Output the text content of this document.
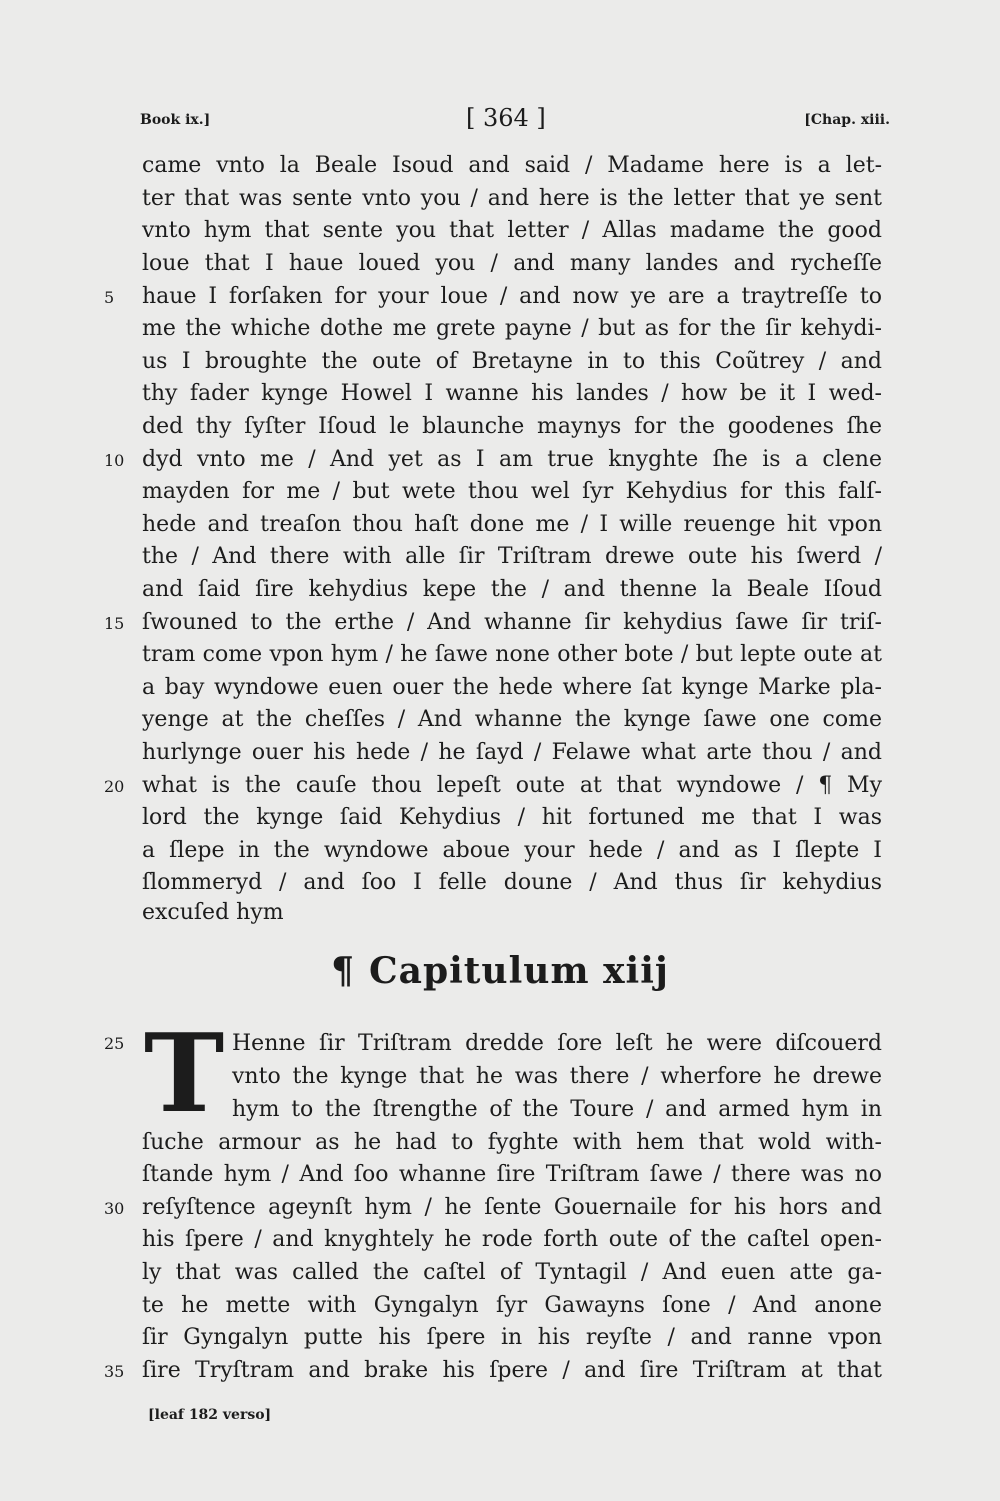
Book ix.]	[ 364 ]	[Chap. xiii.
came vnto la Beale Isoud and said / Madame here is a let-
ter that was sente vnto you / and here is the letter that ye sent
vnto hym that sente you that letter / Allas madame the good
loue that I haue loued you / and many landes and rycheſſe
haue I forſaken for your loue / and now ye are a traytreſſe to
me the whiche dothe me grete payne / but as for the ſir kehydi-
us I broughte the oute of Bretayne in to this Coũtrey / and
thy fader kynge Howel I wanne his landes / how be it I wed-
ded thy ſyſter Iſoud le blaunche maynys for the goodenes ſhe
dyd vnto me / And yet as I am true knyghte ſhe is a clene
mayden for me / but wete thou wel ſyr Kehydius for this falſ-
hede and treaſon thou haſt done me / I wille reuenge hit vpon
the / And there with alle ſir Triſtram drewe oute his ſwerd /
and ſaid ſire kehydius kepe the / and thenne la Beale Iſoud
ſwouned to the erthe / And whanne ſir kehydius ſawe ſir triſ-
tram come vpon hym / he ſawe none other bote / but lepte oute at
a bay wyndowe euen ouer the hede where ſat kynge Marke pla-
yenge at the cheſſes / And whanne the kynge ſawe one come
hurlynge ouer his hede / he ſayd / Felawe what arte thou / and
what is the cauſe thou lepeſt oute at that wyndowe / ¶ My
lord the kynge ſaid Kehydius / hit fortuned me that I was
a ſlepe in the wyndowe aboue your hede / and as I ſlepte I
ſlommeryd / and ſoo I felle doune / And thus ſir kehydius
excuſed hym
¶ Capitulum xiij
T Henne ſir Triſtram dredde ſore leſt he were diſcouerd
vnto the kynge that he was there / wherfore he drewe
hym to the ſtrengthe of the Toure / and armed hym in
ſuche armour as he had to fyghte with hem that wold with-
ſtande hym / And ſoo whanne ſire Triſtram ſawe / there was no
reſyſtence ageynſt hym / he ſente Gouernaile for his hors and
his ſpere / and knyghtely he rode forth oute of the caſtel open-
ly that was called the caſtel of Tyntagil / And euen atte ga-
te he mette with Gyngalyn ſyr Gawayns ſone / And anone
ſir Gyngalyn putte his ſpere in his reyſte / and ranne vpon
ſire Tryſtram and brake his ſpere / and ſire Triſtram at that
5
10
15
20
25
30
35
[leaf 182 verso]
